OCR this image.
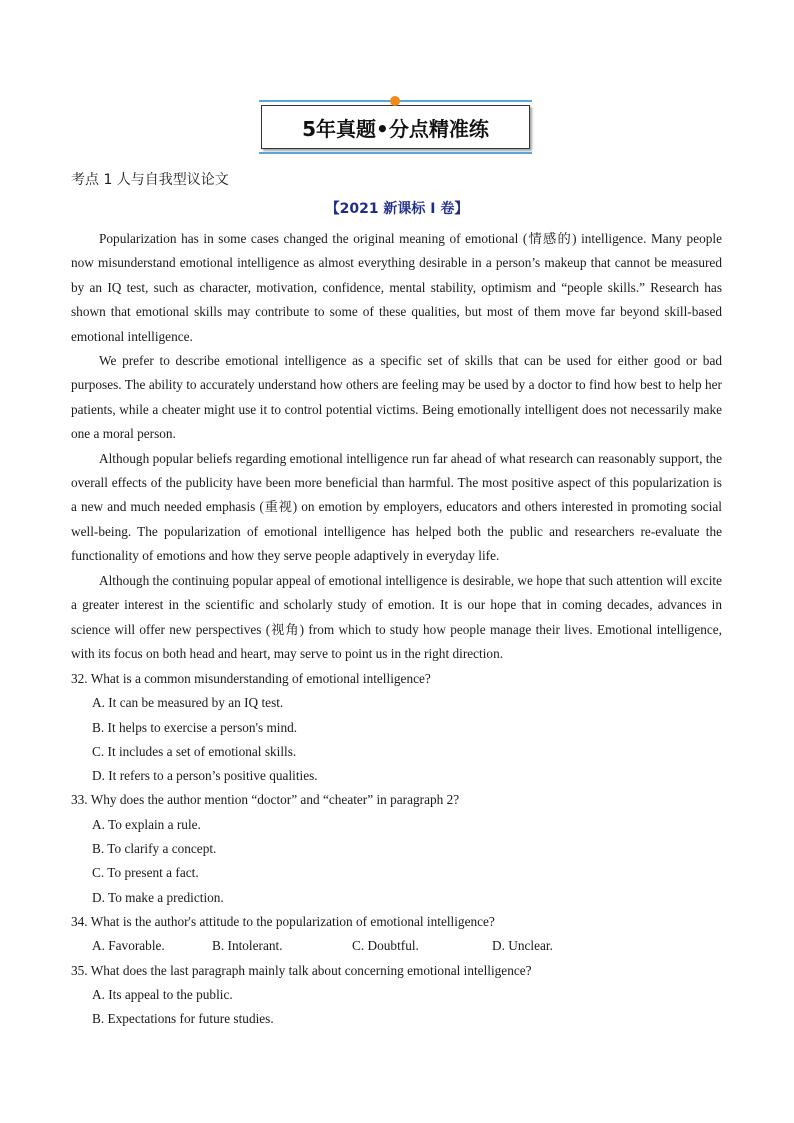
5年真题•分点精准练
考点 1 人与自我型议论文
【2021 新课标 I 卷】

Popularization has in some cases changed the original meaning of emotional (情感的) intelligence. Many people now misunderstand emotional intelligence as almost everything desirable in a person’s makeup that cannot be measured by an IQ test, such as character, motivation, confidence, mental stability, optimism and “people skills.” Research has shown that emotional skills may contribute to some of these qualities, but most of them move far beyond skill-based emotional intelligence.

We prefer to describe emotional intelligence as a specific set of skills that can be used for either good or bad purposes. The ability to accurately understand how others are feeling may be used by a doctor to find how best to help her patients, while a cheater might use it to control potential victims. Being emotionally intelligent does not necessarily make one a moral person.

Although popular beliefs regarding emotional intelligence run far ahead of what research can reasonably support, the overall effects of the publicity have been more beneficial than harmful. The most positive aspect of this popularization is a new and much needed emphasis (重视) on emotion by employers, educators and others interested in promoting social well-being. The popularization of emotional intelligence has helped both the public and researchers re-evaluate the functionality of emotions and how they serve people adaptively in everyday life.

Although the continuing popular appeal of emotional intelligence is desirable, we hope that such attention will excite a greater interest in the scientific and scholarly study of emotion. It is our hope that in coming decades, advances in science will offer new perspectives (视角) from which to study how people manage their lives. Emotional intelligence, with its focus on both head and heart, may serve to point us in the right direction.

32. What is a common misunderstanding of emotional intelligence?
A. It can be measured by an IQ test.
B. It helps to exercise a person's mind.
C. It includes a set of emotional skills.
D. It refers to a person’s positive qualities.
33. Why does the author mention “doctor” and “cheater” in paragraph 2?
A. To explain a rule.
B. To clarify a concept.
C. To present a fact.
D. To make a prediction.
34. What is the author's attitude to the popularization of emotional intelligence?
A. Favorable.	B. Intolerant.	C. Doubtful.	D. Unclear.
35. What does the last paragraph mainly talk about concerning emotional intelligence?
A. Its appeal to the public.
B. Expectations for future studies.
